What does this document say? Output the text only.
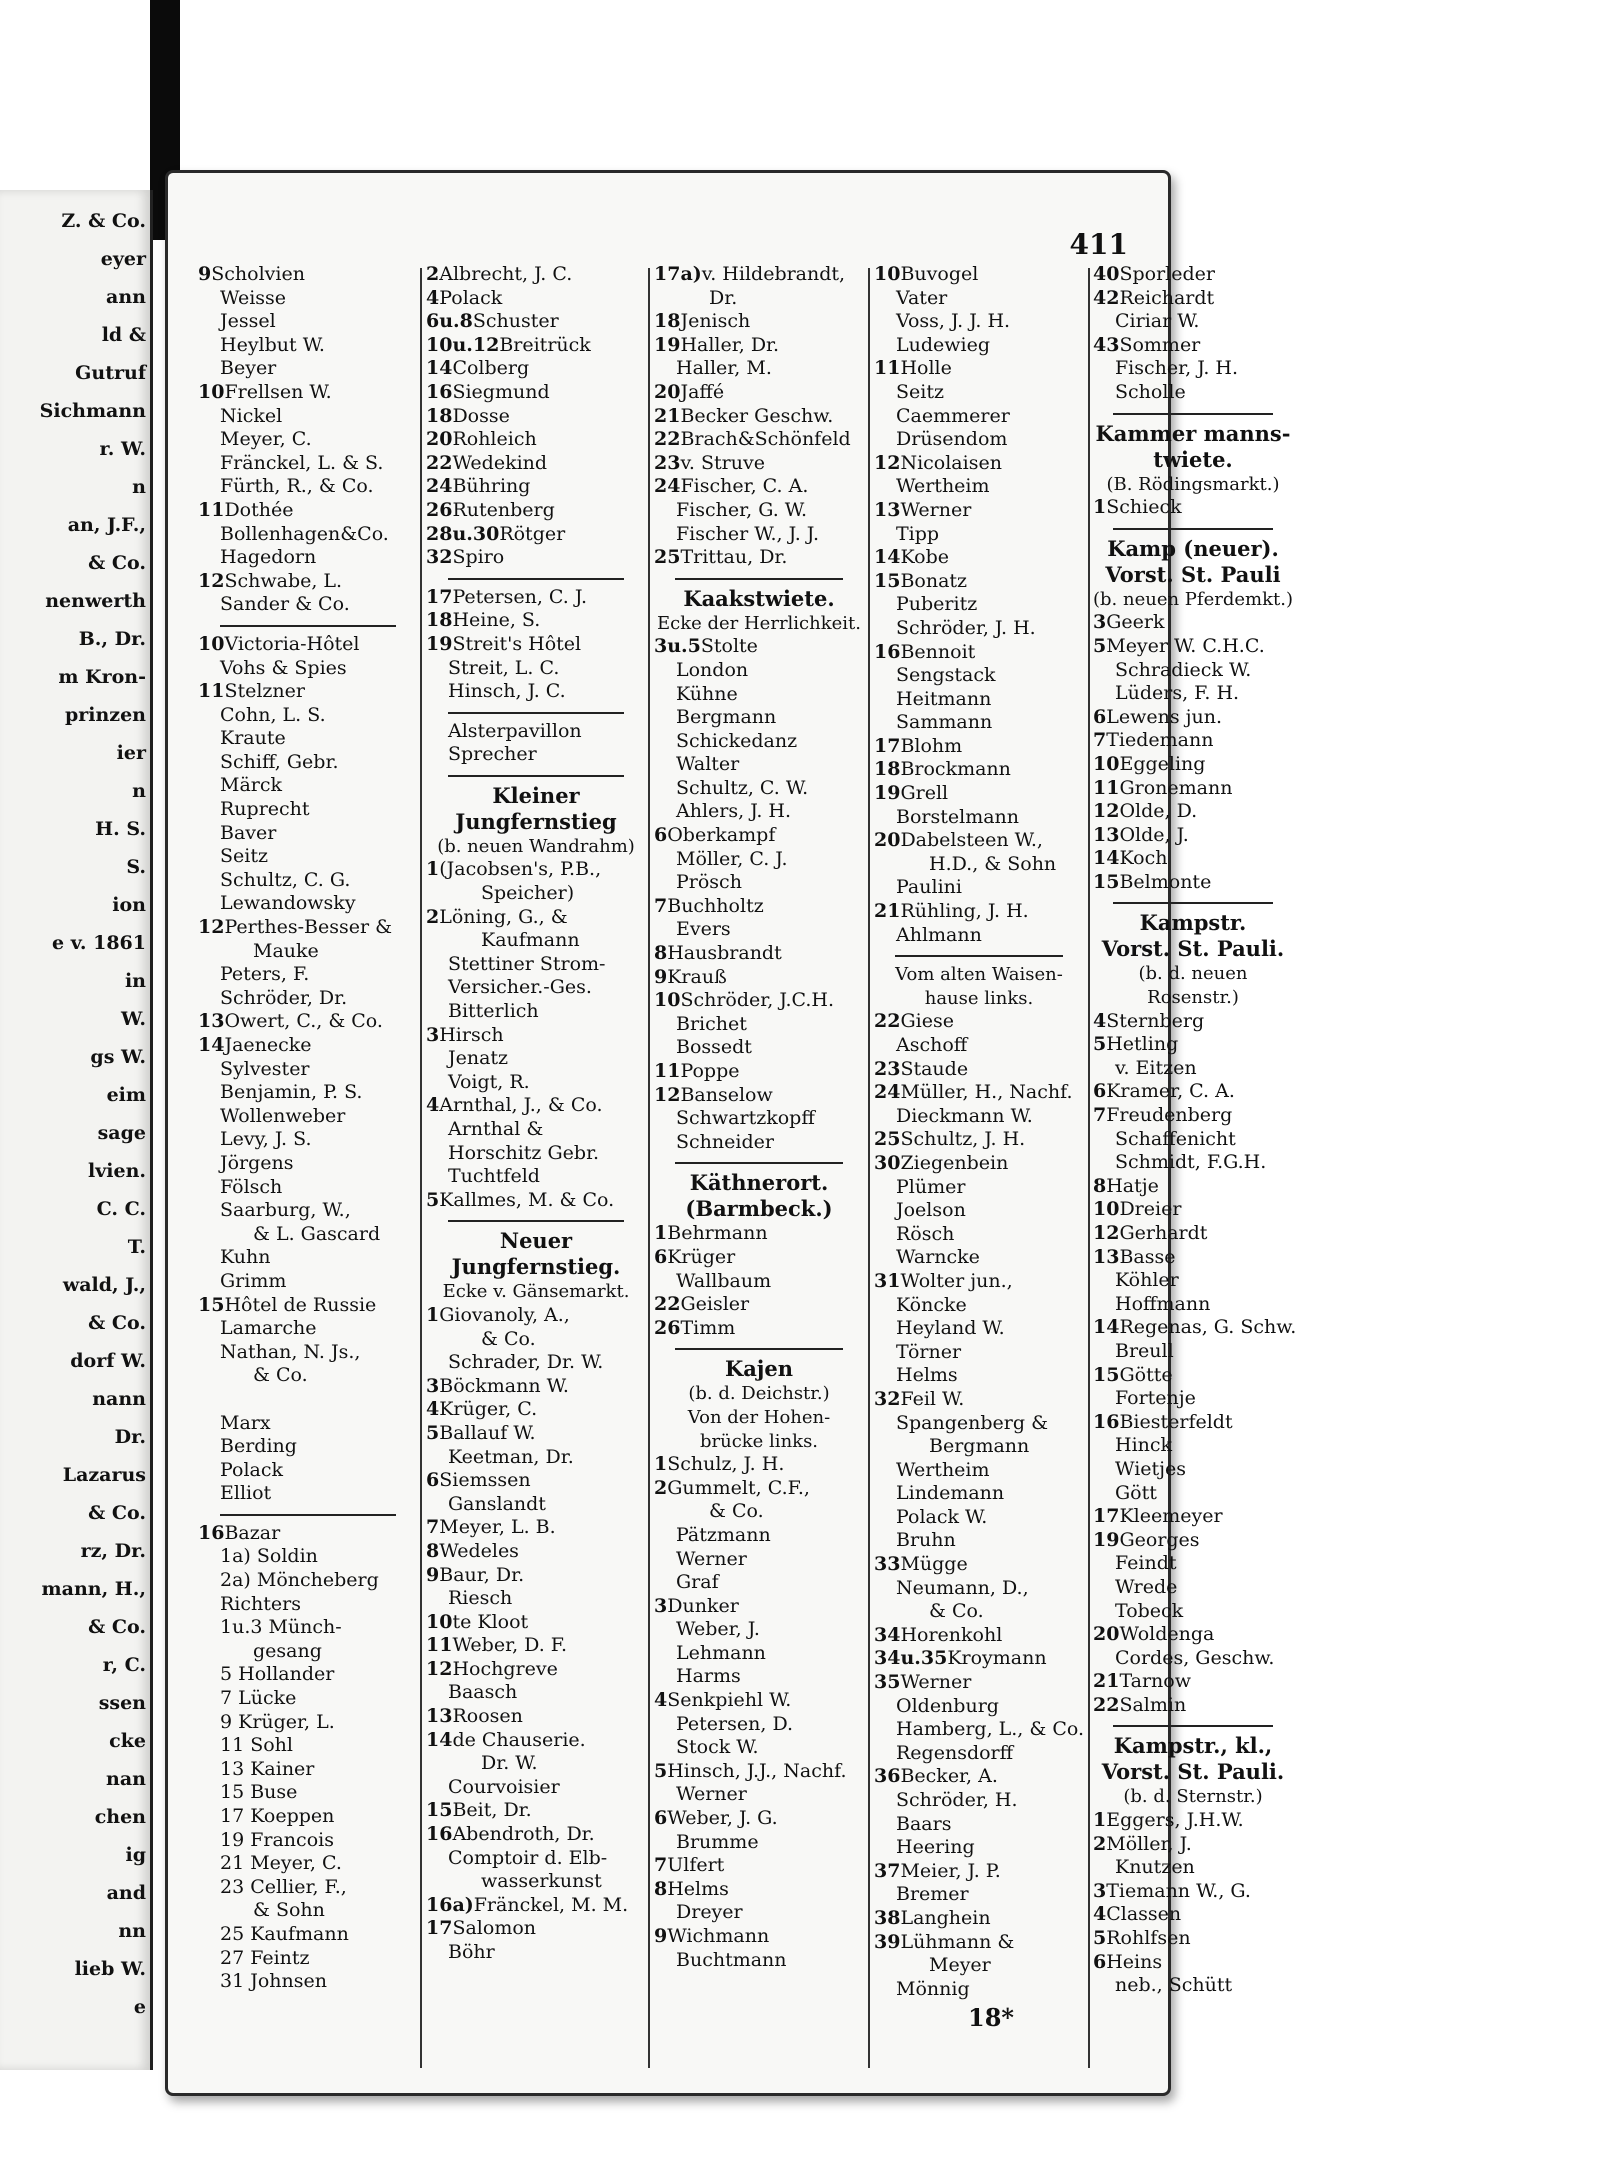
Z. & Co.
eyer
ann
ld &
Gutruf
Sichmann
r. W.
n
an, J.F.,
& Co.
nenwerth
B., Dr.
m Kron-
prinzen
ier
n
H. S.
S.
ion
e v. 1861
in
W.
gs W.
eim
sage
lvien.
C. C.
T.
wald, J.,
& Co.
dorf W.
nann
Dr.
Lazarus
& Co.
rz, Dr.
mann, H.,
& Co.
r, C.
ssen
cke
nan
chen
ig
and
nn
lieb W.
e
411
9Scholvien
Weisse
Jessel
Heylbut W.
Beyer
10Frellsen W.
Nickel
Meyer, C.
Fränckel, L. & S.
Fürth, R., & Co.
11Dothée
Bollenhagen&Co.
Hagedorn
12Schwabe, L.
Sander & Co.
10Victoria-Hôtel
Vohs & Spies
11Stelzner
Cohn, L. S.
Kraute
Schiff, Gebr.
Märck
Ruprecht
Baver
Seitz
Schultz, C. G.
Lewandowsky
12Perthes-Besser &
Mauke
Peters, F.
Schröder, Dr.
13Owert, C., & Co.
14Jaenecke
Sylvester
Benjamin, P. S.
Wollenweber
Levy, J. S.
Jörgens
Fölsch
Saarburg, W.,
& L. Gascard
Kuhn
Grimm
15Hôtel de Russie
Lamarche
Nathan, N. Js.,
& Co.
Marx
Berding
Polack
Elliot
16Bazar
1a) Soldin
2a) Möncheberg
Richters
1u.3 Münch-
gesang
5 Hollander
7 Lücke
9 Krüger, L.
11 Sohl
13 Kainer
15 Buse
17 Koeppen
19 Francois
21 Meyer, C.
23 Cellier, F.,
& Sohn
25 Kaufmann
27 Feintz
31 Johnsen
2Albrecht, J. C.
4Polack
6u.8Schuster
10u.12Breitrück
14Colberg
16Siegmund
18Dosse
20Rohleich
22Wedekind
24Bühring
26Rutenberg
28u.30Rötger
32Spiro
17Petersen, C. J.
18Heine, S.
19Streit's Hôtel
Streit, L. C.
Hinsch, J. C.
Alsterpavillon
Sprecher
Kleiner
Jungfernstieg
(b. neuen Wandrahm)
1(Jacobsen's, P.B.,
Speicher)
2Löning, G., &
Kaufmann
Stettiner Strom-
Versicher.-Ges.
Bitterlich
3Hirsch
Jenatz
Voigt, R.
4Arnthal, J., & Co.
Arnthal &
Horschitz Gebr.
Tuchtfeld
5Kallmes, M. & Co.
Neuer
Jungfernstieg.
Ecke v. Gänsemarkt.
1Giovanoly, A.,
& Co.
Schrader, Dr. W.
3Böckmann W.
4Krüger, C.
5Ballauf W.
Keetman, Dr.
6Siemssen
Ganslandt
7Meyer, L. B.
8Wedeles
9Baur, Dr.
Riesch
10te Kloot
11Weber, D. F.
12Hochgreve
Baasch
13Roosen
14de Chauserie.
Dr. W.
Courvoisier
15Beit, Dr.
16Abendroth, Dr.
Comptoir d. Elb-
wasserkunst
16a)Fränckel, M. M.
17Salomon
Böhr
17a)v. Hildebrandt,
Dr.
18Jenisch
19Haller, Dr.
Haller, M.
20Jaffé
21Becker Geschw.
22Brach&Schönfeld
23v. Struve
24Fischer, C. A.
Fischer, G. W.
Fischer W., J. J.
25Trittau, Dr.
Kaakstwiete.
Ecke der Herrlichkeit.
3u.5Stolte
London
Kühne
Bergmann
Schickedanz
Walter
Schultz, C. W.
Ahlers, J. H.
6Oberkampf
Möller, C. J.
Prösch
7Buchholtz
Evers
8Hausbrandt
9Krauß
10Schröder, J.C.H.
Brichet
Bossedt
11Poppe
12Banselow
Schwartzkopff
Schneider
Käthnerort.
(Barmbeck.)
1Behrmann
6Krüger
Wallbaum
22Geisler
26Timm
Kajen
(b. d. Deichstr.)
Von der Hohen-
brücke links.
1Schulz, J. H.
2Gummelt, C.F.,
& Co.
Pätzmann
Werner
Graf
3Dunker
Weber, J.
Lehmann
Harms
4Senkpiehl W.
Petersen, D.
Stock W.
5Hinsch, J.J., Nachf.
Werner
6Weber, J. G.
Brumme
7Ulfert
8Helms
Dreyer
9Wichmann
Buchtmann
10Buvogel
Vater
Voss, J. J. H.
Ludewieg
11Holle
Seitz
Caemmerer
Drüsendom
12Nicolaisen
Wertheim
13Werner
Tipp
14Kobe
15Bonatz
Puberitz
Schröder, J. H.
16Bennoit
Sengstack
Heitmann
Sammann
17Blohm
18Brockmann
19Grell
Borstelmann
20Dabelsteen W.,
H.D., & Sohn
Paulini
21Rühling, J. H.
Ahlmann
Vom alten Waisen-
hause links.
22Giese
Aschoff
23Staude
24Müller, H., Nachf.
Dieckmann W.
25Schultz, J. H.
30Ziegenbein
Plümer
Joelson
Rösch
Warncke
31Wolter jun.,
Köncke
Heyland W.
Törner
Helms
32Feil W.
Spangenberg &
Bergmann
Wertheim
Lindemann
Polack W.
Bruhn
33Mügge
Neumann, D.,
& Co.
34Horenkohl
34u.35Kroymann
35Werner
Oldenburg
Hamberg, L., & Co.
Regensdorff
36Becker, A.
Schröder, H.
Baars
Heering
37Meier, J. P.
Bremer
38Langhein
39Lühmann &
Meyer
Mönnig
40Sporleder
42Reichardt
Ciriar W.
43Sommer
Fischer, J. H.
Scholle
Kammer manns-
twiete.
(B. Rödingsmarkt.)
1Schieck
Kamp (neuer).
Vorst. St. Pauli
(b. neuen Pferdemkt.)
3Geerk
5Meyer W. C.H.C.
Schradieck W.
Lüders, F. H.
6Lewens jun.
7Tiedemann
10Eggeling
11Gronemann
12Olde, D.
13Olde, J.
14Koch
15Belmonte
Kampstr.
Vorst. St. Pauli.
(b. d. neuen Rosenstr.)
4Sternberg
5Hetling
v. Eitzen
6Kramer, C. A.
7Freudenberg
Schaffenicht
Schmidt, F.G.H.
8Hatje
10Dreier
12Gerhardt
13Basse
Köhler
Hoffmann
14Regenas, G. Schw.
Breull
15Götte
Fortenje
16Biesterfeldt
Hinck
Wietjes
Gött
17Kleemeyer
19Georges
Feindt
Wrede
Tobeck
20Woldenga
Cordes, Geschw.
21Tarnow
22Salmin
Kampstr., kl.,
Vorst. St. Pauli.
(b. d. Sternstr.)
1Eggers, J.H.W.
2Möller, J.
Knutzen
3Tiemann W., G.
4Classen
5Rohlfsen
6Heins
neb., Schütt
18*
